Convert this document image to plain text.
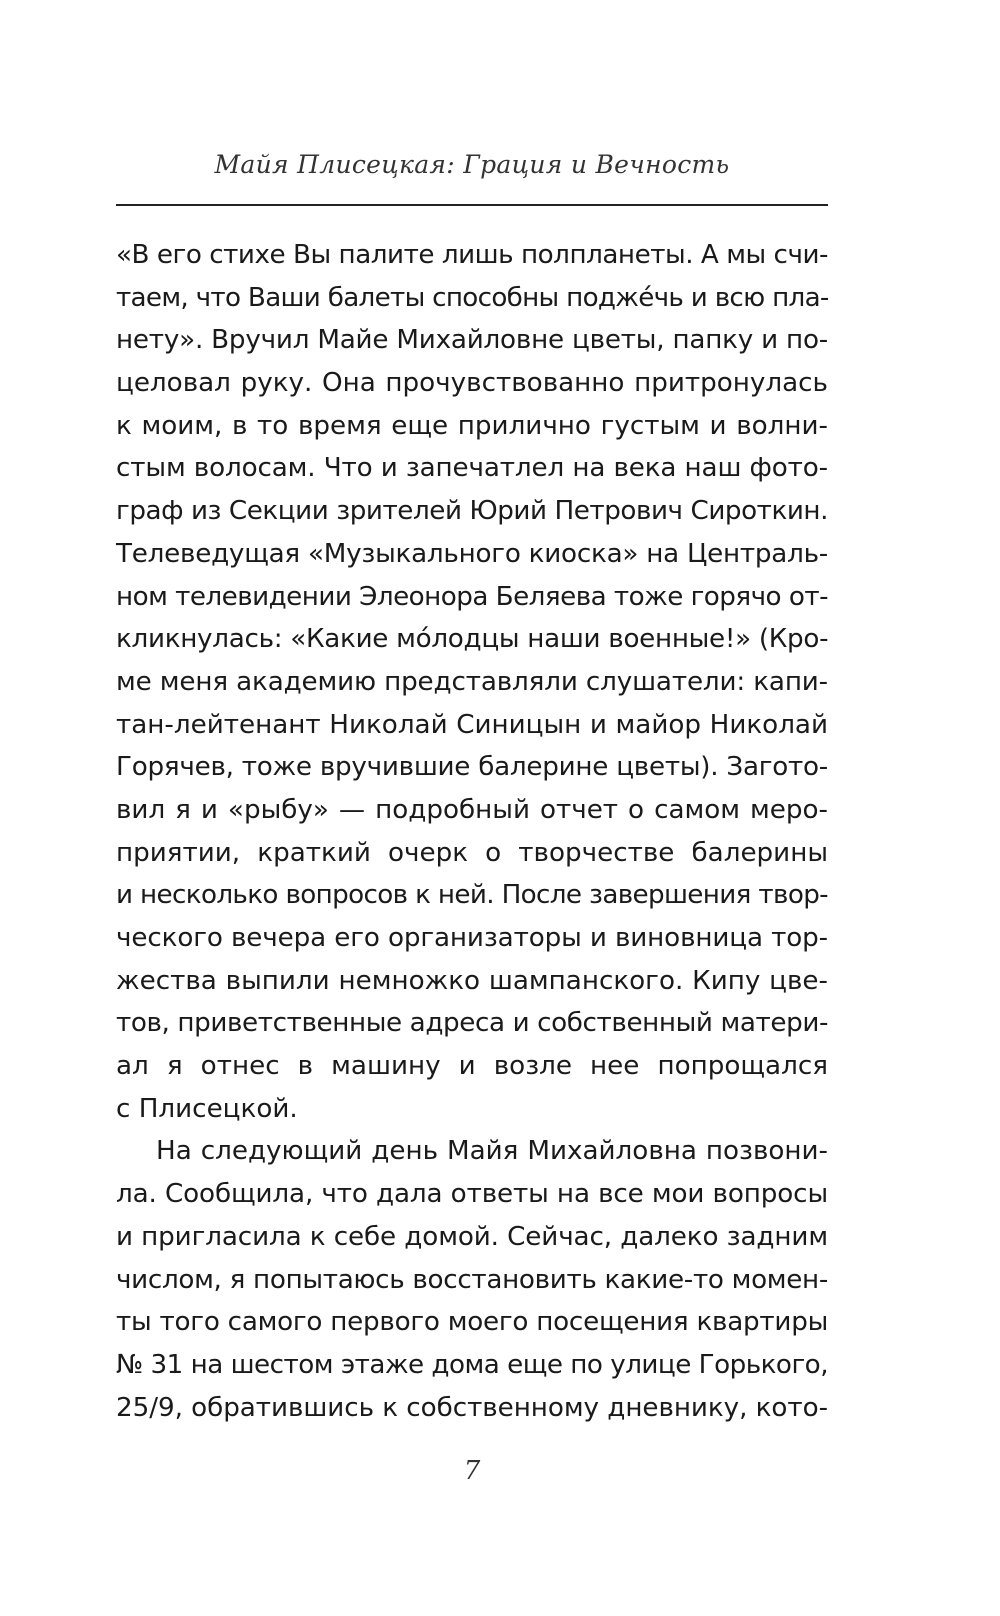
Майя Плисецкая: Грация и Вечность

«В его стихе Вы палите лишь полпланеты. А мы счи-
таем, что Ваши балеты способны подже́чь и всю пла-
нету». Вручил Майе Михайловне цветы, папку и по-
целовал руку. Она прочувствованно притронулась
к моим, в то время еще прилично густым и волни-
стым волосам. Что и запечатлел на века наш фото-
граф из Секции зрителей Юрий Петрович Сироткин.
Телеведущая «Музыкального киоска» на Централь-
ном телевидении Элеонора Беляева тоже горячо от-
кликнулась: «Какие мо́лодцы наши военные!» (Кро-
ме меня академию представляли слушатели: капи-
тан-лейтенант Николай Синицын и майор Николай
Горячев, тоже вручившие балерине цветы). Загото-
вил я и «рыбу» — подробный отчет о самом меро-
приятии, краткий очерк о творчестве балерины
и несколько вопросов к ней. После завершения твор-
ческого вечера его организаторы и виновница тор-
жества выпили немножко шампанского. Кипу цве-
тов, приветственные адреса и собственный матери-
ал я отнес в машину и возле нее попрощался
с Плисецкой.

На следующий день Майя Михайловна позвони-
ла. Сообщила, что дала ответы на все мои вопросы
и пригласила к себе домой. Сейчас, далеко задним
числом, я попытаюсь восстановить какие-то момен-
ты того самого первого моего посещения квартиры
№ 31 на шестом этаже дома еще по улице Горького,
25/9, обратившись к собственному дневнику, кото-

7
